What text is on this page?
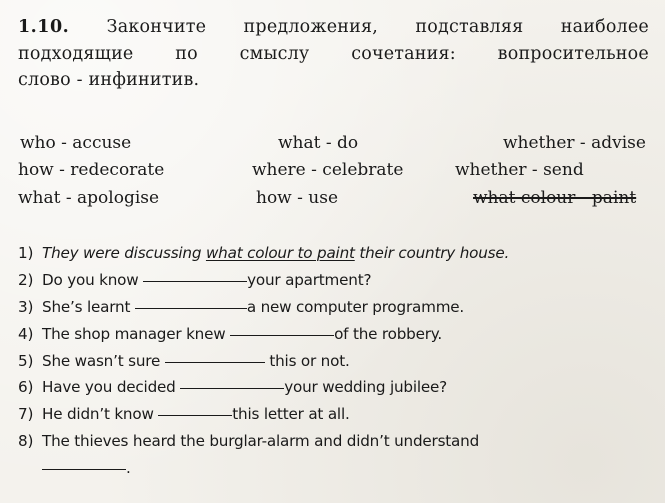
1.10. Закончите предложения, подставляя наиболее
подходящие по смыслу сочетания: вопросительное
слово - инфинитив.
who - accuse	what - do	whether - advise
how - redecorate	where - celebrate	whether - send
what - apologise	how - use	what colour - paint
1) They were discussing what colour to paint their country house.
2) Do you know	your apartment?
3) She’s learnt	a new computer programme.
4) The shop manager knew	of the robbery.
5) She wasn’t sure	this or not.
6) Have you decided	your wedding jubilee?
7) He didn’t know	this letter at all.
8) The thieves heard the burglar-alarm and didn’t understand
.
